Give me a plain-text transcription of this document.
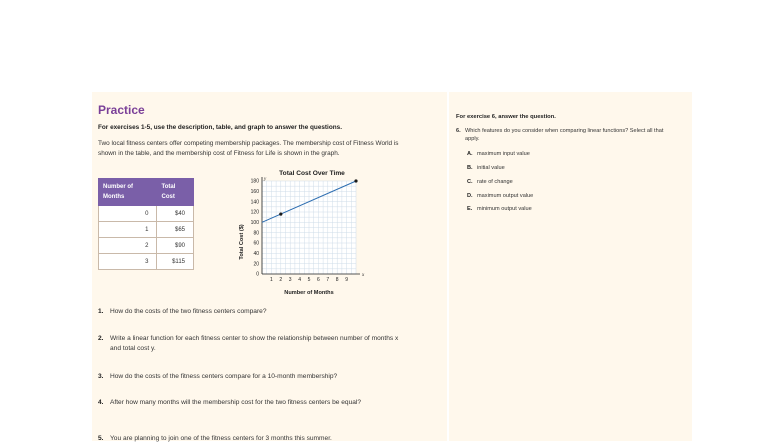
Practice
For exercises 1-5, use the description, table, and graph to answer the questions.
Two local fitness centers offer competing membership packages. The membership cost of Fitness World is shown in the table, and the membership cost of Fitness for Life is shown in the graph.
Number of Months	Total Cost
0	$40
1	$65
2	$90
3	$115
Total Cost Over Time
Total Cost ($)
Number of Months
x
y
1 2 3 4 5 6 7 8 9
0
20
40
60
80
100
120
140
160
180
1. How do the costs of the two fitness centers compare?
2. Write a linear function for each fitness center to show the relationship between number of months x and total cost y.
3. How do the costs of the fitness centers compare for a 10-month membership?
4. After how many months will the membership cost for the two fitness centers be equal?
5. You are planning to join one of the fitness centers for 3 months this summer.
For exercise 6, answer the question.
6. Which features do you consider when comparing linear functions? Select all that apply.
A. maximum input value
B. initial value
C. rate of change
D. maximum output value
E. minimum output value
